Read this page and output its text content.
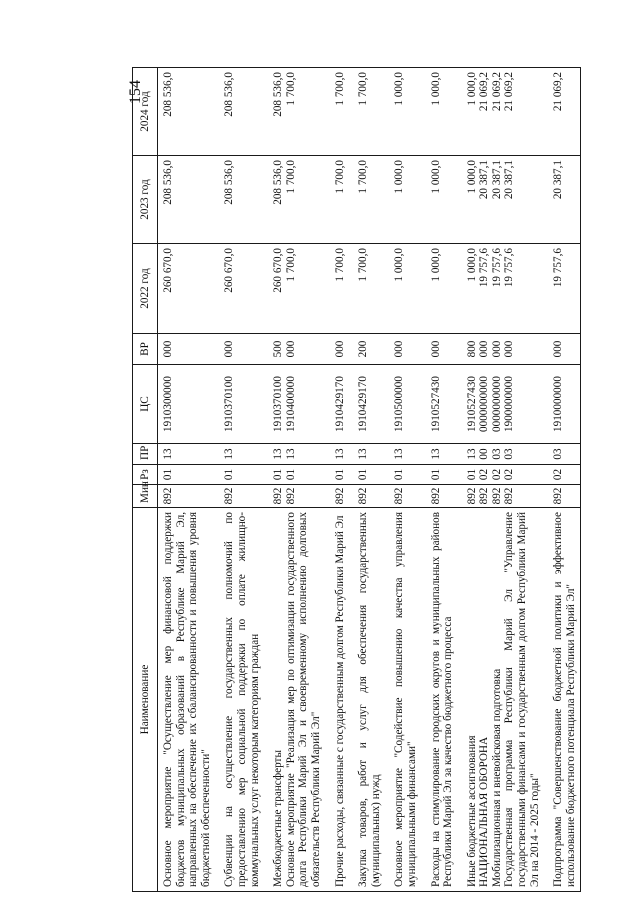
154
Наименование	Мин	Рз	ПР	ЦС	ВР	2022 год	2023 год	2024 год
Основное мероприятие "Осуществление мер финансовой поддержки бюджетов муниципальных образований в Республике Марий Эл, направленных на обеспечение их сбалансированности и повышения уровня бюджетной обеспеченности"	892	01	13	1910300000	000	260 670,0	208 536,0	208 536,0
Субвенции на осуществление государственных полномочий по предоставлению мер социальной поддержки по оплате жилищно-коммунальных услуг некоторым категориям граждан	892	01	13	1910370100	000	260 670,0	208 536,0	208 536,0
Межбюджетные трансферты	892	01	13	1910370100	500	260 670,0	208 536,0	208 536,0
Основное мероприятие "Реализация мер по оптимизации государственного долга Республики Марий Эл и своевременному исполнению долговых обязательств Республики Марий Эл"	892	01	13	1910400000	000	1 700,0	1 700,0	1 700,0
Прочие расходы, связанные с государственным долгом Республики Марий Эл	892	01	13	1910429170	000	1 700,0	1 700,0	1 700,0
Закупка товаров, работ и услуг для обеспечения государственных (муниципальных) нужд	892	01	13	1910429170	200	1 700,0	1 700,0	1 700,0
Основное мероприятие "Содействие повышению качества управления муниципальными финансами"	892	01	13	1910500000	000	1 000,0	1 000,0	1 000,0
Расходы на стимулирование городских округов и муниципальных районов Республики Марий Эл за качество бюджетного процесса	892	01	13	1910527430	000	1 000,0	1 000,0	1 000,0
Иные бюджетные ассигнования	892	01	13	1910527430	800	1 000,0	1 000,0	1 000,0
НАЦИОНАЛЬНАЯ ОБОРОНА	892	02	00	0000000000	000	19 757,6	20 387,1	21 069,2
Мобилизационная и вневойсковая подготовка	892	02	03	0000000000	000	19 757,6	20 387,1	21 069,2
Государственная программа Республики Марий Эл "Управление государственными финансами и государственным долгом Республики Марий Эл на 2014 - 2025 годы"	892	02	03	1900000000	000	19 757,6	20 387,1	21 069,2
Подпрограмма "Совершенствование бюджетной политики и эффективное использование бюджетного потенциала Республики Марий Эл"	892	02	03	1910000000	000	19 757,6	20 387,1	21 069,2
